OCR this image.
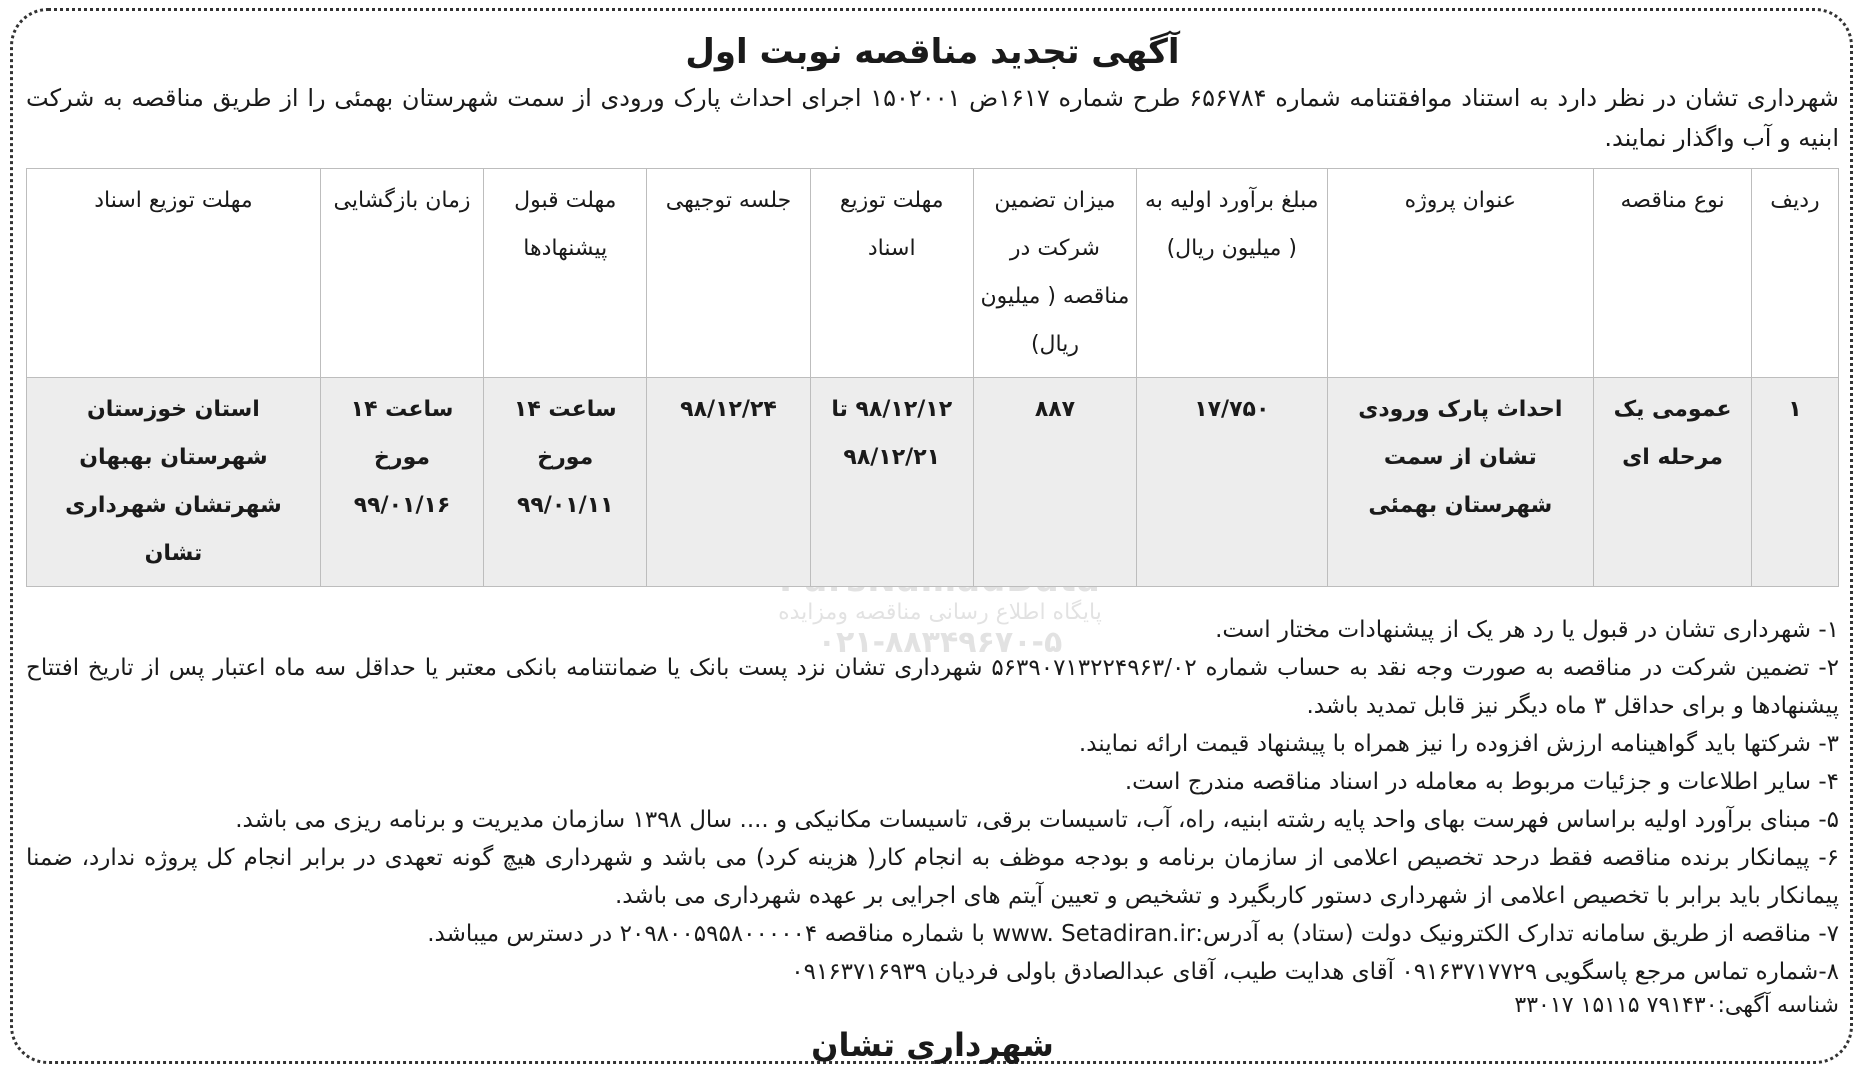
پایگاه اطلاع رسانی مناقصه ومزایده
۰۲۱-۸۸۳۴۹۶۷۰-۵
آگهی تجدید مناقصه نوبت اول
شهرداری تشان در نظر دارد به استناد موافقتنامه شماره ۶۵۶۷۸۴ طرح شماره ۱۶۱۷ض ۱۵۰۲۰۰۱ اجرای احداث پارک ورودی از سمت شهرستان بهمئی را از طریق مناقصه به شرکت ابنیه و آب واگذار نمایند.
ردیف	نوع مناقصه	عنوان پروژه	مبلغ برآورد اولیه به ( میلیون ریال)	میزان تضمین شرکت در مناقصه ( میلیون ریال)	مهلت توزیع اسناد	جلسه توجیهی	مهلت قبول پیشنهادها	زمان بازگشایی	مهلت توزیع اسناد
۱	عمومی یک مرحله ای	احداث پارک ورودی تشان از سمت شهرستان بهمئی	۱۷/۷۵۰	۸۸۷	۹۸/۱۲/۱۲ تا ۹۸/۱۲/۲۱	۹۸/۱۲/۲۴	ساعت ۱۴ مورخ ۹۹/۰۱/۱۱	ساعت ۱۴ مورخ ۹۹/۰۱/۱۶	استان خوزستان شهرستان بهبهان شهرتشان شهرداری تشان
۱- شهرداری تشان در قبول یا رد هر یک از پیشنهادات مختار است.
۲- تضمین شرکت در مناقصه به صورت وجه نقد به حساب شماره ۵۶۳۹۰۷۱۳۲۲۴۹۶۳/۰۲ شهرداری تشان نزد پست بانک یا ضمانتنامه بانکی معتبر یا حداقل سه ماه اعتبار پس از تاریخ افتتاح پیشنهادها و برای حداقل ۳ ماه دیگر نیز قابل تمدید باشد.
۳- شرکتها باید گواهینامه ارزش افزوده را نیز همراه با پیشنهاد قیمت ارائه نمایند.
۴- سایر اطلاعات و جزئیات مربوط به معامله در اسناد مناقصه مندرج است.
۵- مبنای برآورد اولیه براساس فهرست بهای واحد پایه رشته ابنیه، راه، آب، تاسیسات برقی، تاسیسات مکانیکی و .... سال ۱۳۹۸ سازمان مدیریت و برنامه ریزی می باشد.
۶- پیمانکار برنده مناقصه فقط درحد تخصیص اعلامی از سازمان برنامه و بودجه موظف به انجام کار( هزینه کرد) می باشد و شهرداری هیچ گونه تعهدی در برابر انجام کل پروژه ندارد، ضمنا پیمانکار باید برابر با تخصیص اعلامی از شهرداری دستور کاربگیرد و تشخیص و تعیین آیتم های اجرایی بر عهده شهرداری می باشد.
۷- مناقصه از طریق سامانه تدارک الکترونیک دولت (ستاد) به آدرس:www. Setadiran.ir با شماره مناقصه ۲۰۹۸۰۰۵۹۵۸۰۰۰۰۰۴ در دسترس میباشد.
۸-شماره تماس مرجع پاسگویی ۰۹۱۶۳۷۱۷۷۲۹ آقای هدایت طیب، آقای عبدالصادق باولی فردیان ۰۹۱۶۳۷۱۶۹۳۹
شناسه آگهی:۷۹۱۴۳۰ ۱۵۱۱۵ ۳۳۰۱۷
شهرداری تشان
